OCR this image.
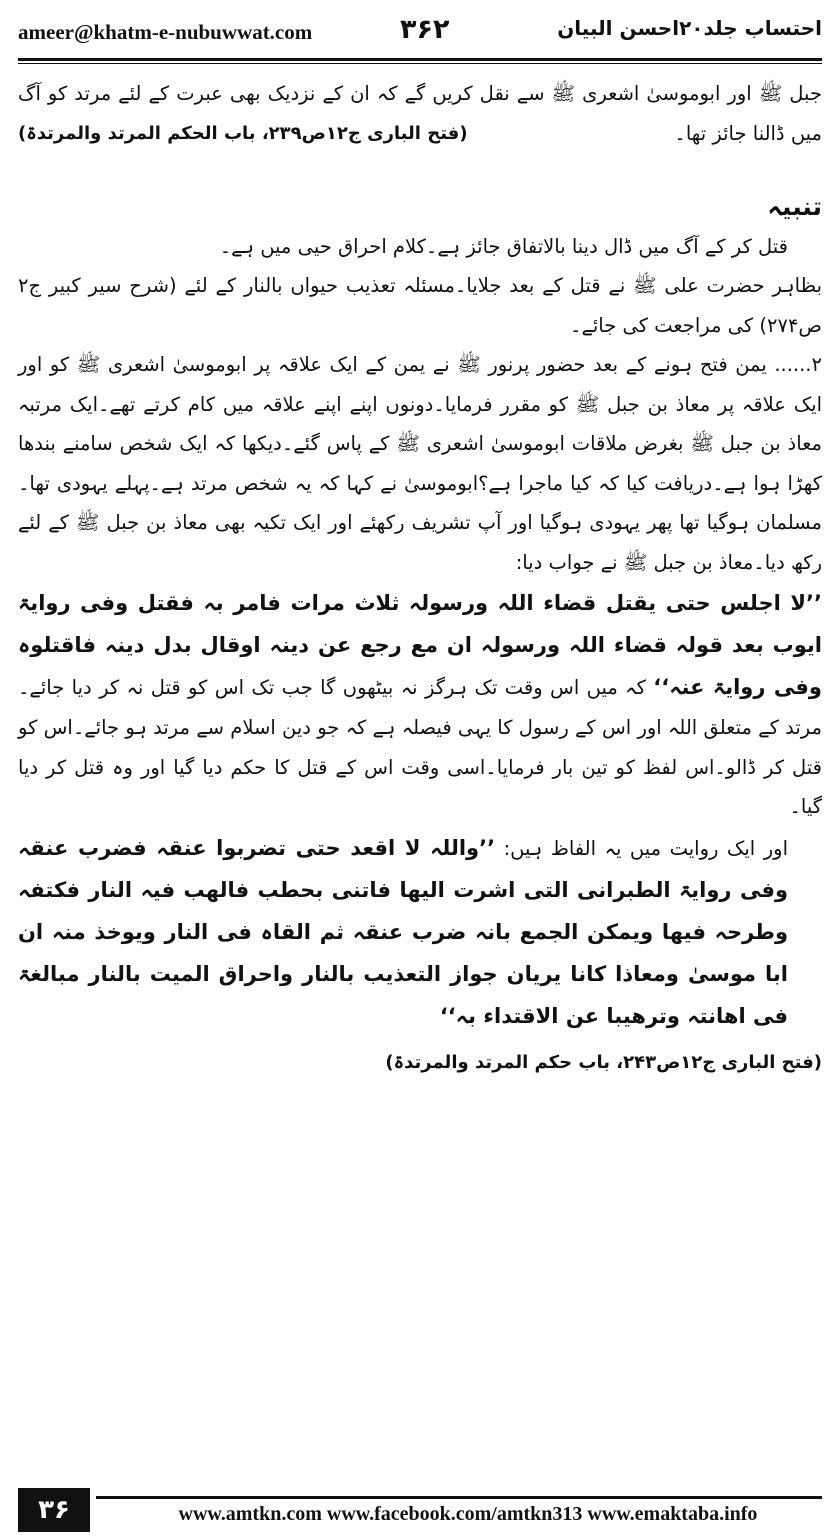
ameer@khatm-e-nubuwwat.com	۳۶۲	احتساب جلد۲۰احسن البیان

جبل ﷺ اور ابوموسیٰ اشعری ﷺ سے نقل کریں گے کہ ان کے نزدیک بھی عبرت کے لئے مرتد کو آگ میں ڈالنا جائز تھا۔
(فتح الباری ج۱۲ص۲۳۹، باب الحکم المرتد والمرتدۃ)

تنبیہ

قتل کر کے آگ میں ڈال دینا بالاتفاق جائز ہے۔کلام احراق حیی میں ہے۔

بظاہر حضرت علی ﷺ نے قتل کے بعد جلایا۔مسئلہ تعذیب حیواں بالنار کے لئے (شرح سیر کبیر ج۲ ص۲۷۴) کی مراجعت کی جائے۔

۲...... یمن فتح ہونے کے بعد حضور پرنور ﷺ نے یمن کے ایک علاقہ پر ابوموسیٰ اشعری ﷺ کو اور ایک علاقہ پر معاذ بن جبل ﷺ کو مقرر فرمایا۔دونوں اپنے اپنے علاقہ میں کام کرتے تھے۔ایک مرتبہ معاذ بن جبل ﷺ بغرض ملاقات ابوموسیٰ اشعری ﷺ کے پاس گئے۔دیکھا کہ ایک شخص سامنے بندھا کھڑا ہوا ہے۔دریافت کیا کہ کیا ماجرا ہے؟ابوموسیٰ نے کہا کہ یہ شخص مرتد ہے۔پہلے یہودی تھا۔مسلمان ہوگیا تھا پھر یہودی ہوگیا اور آپ تشریف رکھئے اور ایک تکیہ بھی معاذ بن جبل ﷺ کے لئے رکھ دیا۔معاذ بن جبل ﷺ نے جواب دیا:

’’لا اجلس حتی یقتل قضاء اللہ ورسولہ ثلاث مرات فامر بہ فقتل وفی روایۃ ایوب بعد قولہ قضاء اللہ ورسولہ ان مع رجع عن دینہ اوقال بدل دینہ فاقتلوہ وفی روایۃ عنہ‘‘ کہ میں اس وقت تک ہرگز نہ بیٹھوں گا جب تک اس کو قتل نہ کر دیا جائے۔مرتد کے متعلق اللہ اور اس کے رسول کا یہی فیصلہ ہے کہ جو دین اسلام سے مرتد ہو جائے۔اس کو قتل کر ڈالو۔اس لفظ کو تین بار فرمایا۔اسی وقت اس کے قتل کا حکم دیا گیا اور وہ قتل کر دیا گیا۔

اور ایک روایت میں یہ الفاظ ہیں: ’’واللہ لا اقعد حتی تضربوا عنقہ فضرب عنقہ وفی روایۃ الطبرانی التی اشرت الیھا فاتنی بحطب فالھب فیہ النار فکتفہ وطرحہ فیھا ویمکن الجمع بانہ ضرب عنقہ ثم القاہ فی النار ویوخذ منہ ان ابا موسیٰ ومعاذا کانا یریان جواز التعذیب بالنار واحراق المیت بالنار مبالغۃ فی اھانتہ وترھیبا عن الاقتداء بہ‘‘

(فتح الباری ج۱۲ص۲۴۳، باب حکم المرتد والمرتدۃ)

۳۶	www.amtkn.com www.facebook.com/amtkn313 www.emaktaba.info
